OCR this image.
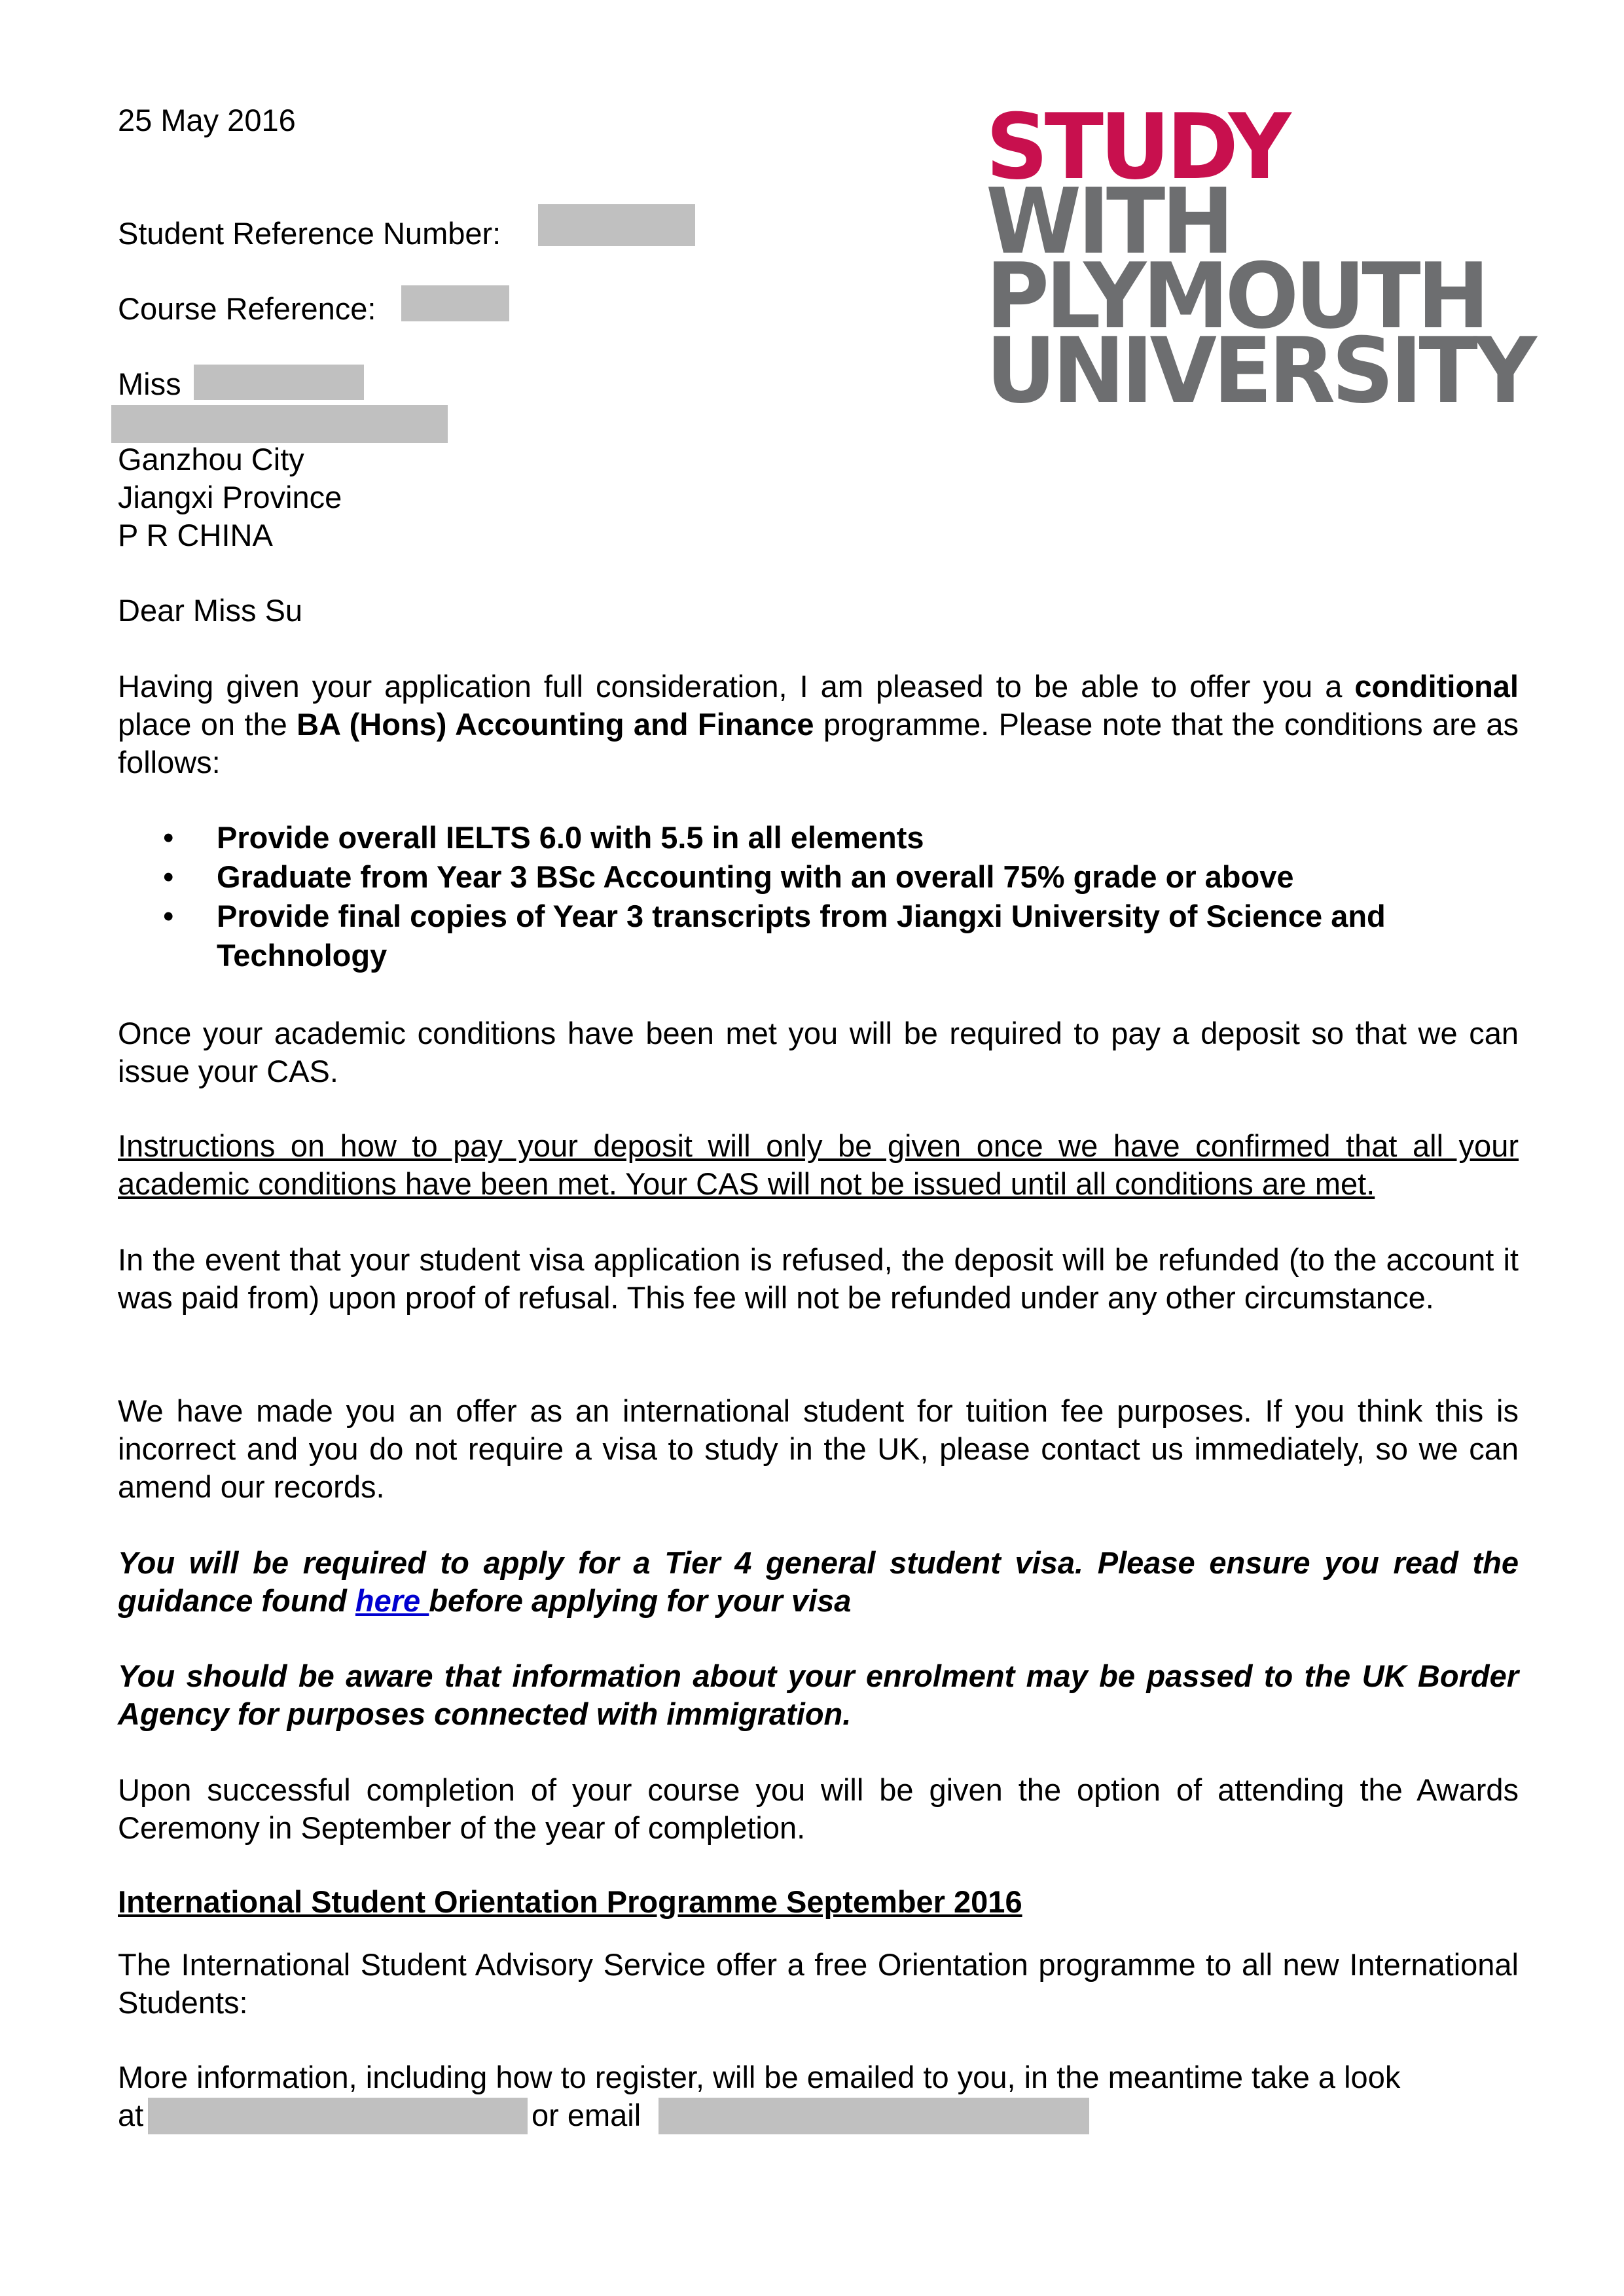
STUDY
WITH
PLYMOUTH
UNIVERSITY
25 May 2016
Student Reference Number:
Course Reference:
Miss
Ganzhou City
Jiangxi Province
P R CHINA
Dear Miss Su
Having given your application full consideration, I am pleased to be able to offer you a conditional place on the BA (Hons) Accounting and Finance programme. Please note that the conditions are as follows:
• Provide overall IELTS 6.0 with 5.5 in all elements
• Graduate from Year 3 BSc Accounting with an overall 75% grade or above
• Provide final copies of Year 3 transcripts from Jiangxi University of Science and Technology
Once your academic conditions have been met you will be required to pay a deposit so that we can issue your CAS.
Instructions on how to pay your deposit will only be given once we have confirmed that all your academic conditions have been met. Your CAS will not be issued until all conditions are met.
In the event that your student visa application is refused, the deposit will be refunded (to the account it was paid from) upon proof of refusal. This fee will not be refunded under any other circumstance.
We have made you an offer as an international student for tuition fee purposes. If you think this is incorrect and you do not require a visa to study in the UK, please contact us immediately, so we can amend our records.
You will be required to apply for a Tier 4 general student visa. Please ensure you read the guidance found here before applying for your visa
You should be aware that information about your enrolment may be passed to the UK Border Agency for purposes connected with immigration.
Upon successful completion of your course you will be given the option of attending the Awards Ceremony in September of the year of completion.
International Student Orientation Programme September 2016
The International Student Advisory Service offer a free Orientation programme to all new International Students:
More information, including how to register, will be emailed to you, in the meantime take a look
at	or email
